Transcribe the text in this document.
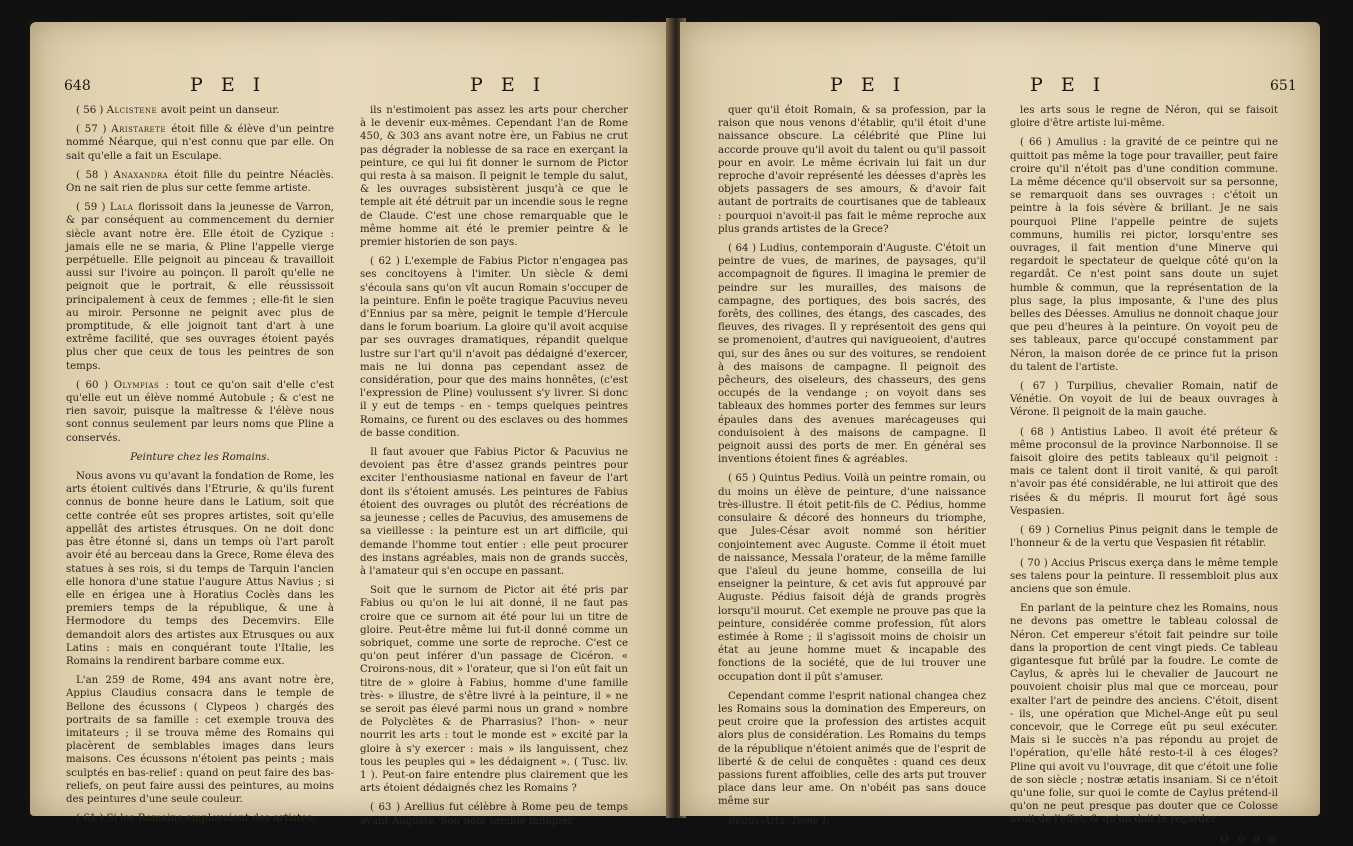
648	P E I	P E I

( 56 ) Alcistene avoit peint un danseur.

( 57 ) Aristarete étoit fille & élève d'un peintre nommé Néarque, qui n'est connu que par elle. On sait qu'elle a fait un Esculape.

( 58 ) Anaxandra étoit fille du peintre Néaclès. On ne sait rien de plus sur cette femme artiste.

( 59 ) Lala florissoit dans la jeunesse de Varron, & par conséquent au commencement du dernier siècle avant notre ère. Elle étoit de Cyzique : jamais elle ne se maria, & Pline l'appelle vierge perpétuelle. Elle peignoit au pinceau & travailloit aussi sur l'ivoire au poinçon. Il paroît qu'elle ne peignoit que le portrait, & elle réussissoit principalement à ceux de femmes ; elle-fit le sien au miroir. Personne ne peignit avec plus de promptitude, & elle joignoit tant d'art à une extrême facilité, que ses ouvrages étoient payés plus cher que ceux de tous les peintres de son temps.

( 60 ) Olympias : tout ce qu'on sait d'elle c'est qu'elle eut un élève nommé Autobule ; & c'est ne rien savoir, puisque la maîtresse & l'élève nous sont connus seulement par leurs noms que Pline a conservés.

Peinture chez les Romains.

Nous avons vu qu'avant la fondation de Rome, les arts étoient cultivés dans l'Etrurie, & qu'ils furent connus de bonne heure dans le Latium, soit que cette contrée eût ses propres artistes, soit qu'elle appellât des artistes étrusques. On ne doit donc pas être étonné si, dans un temps où l'art paroît avoir été au berceau dans la Grece, Rome éleva des statues à ses rois, si du temps de Tarquin l'ancien elle honora d'une statue l'augure Attus Navius ; si elle en érigea une à Horatius Coclès dans les premiers temps de la république, & une à Hermodore du temps des Decemvirs. Elle demandoit alors des artistes aux Etrusques ou aux Latins : mais en conquérant toute l'Italie, les Romains la rendirent barbare comme eux.

L'an 259 de Rome, 494 ans avant notre ère, Appius Claudius consacra dans le temple de Bellone des écussons ( Clypeos ) chargés des portraits de sa famille : cet exemple trouva des imitateurs ; il se trouva même des Romains qui placèrent de semblables images dans leurs maisons. Ces écussons n'étoient pas peints ; mais sculptés en bas-relief : quand on peut faire des bas-reliefs, on peut faire aussi des peintures, au moins des peintures d'une seule couleur.

( 61 ) Si les Romains employoient des artistes,

ils n'estimoient pas assez les arts pour chercher à le devenir eux-mêmes. Cependant l'an de Rome 450, & 303 ans avant notre ère, un Fabius ne crut pas dégrader la noblesse de sa race en exerçant la peinture, ce qui lui fit donner le surnom de Pictor qui resta à sa maison. Il peignit le temple du salut, & les ouvrages subsistèrent jusqu'à ce que le temple ait été détruit par un incendie sous le regne de Claude. C'est une chose remarquable que le même homme ait été le premier peintre & le premier historien de son pays.

( 62 ) L'exemple de Fabius Pictor n'engagea pas ses concitoyens à l'imiter. Un siècle & demi s'écoula sans qu'on vît aucun Romain s'occuper de la peinture. Enfin le poëte tragique Pacuvius neveu d'Ennius par sa mère, peignit le temple d'Hercule dans le forum boarium. La gloire qu'il avoit acquise par ses ouvrages dramatiques, répandit quelque lustre sur l'art qu'il n'avoit pas dédaigné d'exercer, mais ne lui donna pas cependant assez de considération, pour que des mains honnêtes, (c'est l'expression de Pline) voulussent s'y livrer. Si donc il y eut de temps - en - temps quelques peintres Romains, ce furent ou des esclaves ou des hommes de basse condition.

Il faut avouer que Fabius Pictor & Pacuvius ne devoient pas être d'assez grands peintres pour exciter l'enthousiasme national en faveur de l'art dont ils s'étoient amusés. Les peintures de Fabius étoient des ouvrages ou plutôt des récréations de sa jeunesse ; celles de Pacuvius, des amusemens de sa vieillesse : la peinture est un art difficile, qui demande l'homme tout entier : elle peut procurer des instans agréables, mais non de grands succès, à l'amateur qui s'en occupe en passant.

Soit que le surnom de Pictor ait été pris par Fabius ou qu'on le lui ait donné, il ne faut pas croire que ce surnom ait été pour lui un titre de gloire. Peut-être même lui fut-il donné comme un sobriquet, comme une sorte de reproche. C'est ce qu'on peut inférer d'un passage de Cicéron. « Croirons-nous, dit » l'orateur, que si l'on eût fait un titre de » gloire à Fabius, homme d'une famille très- » illustre, de s'être livré à la peinture, il » ne se seroit pas élevé parmi nous un grand » nombre de Polyclètes & de Pharrasius? l'hon- » neur nourrit les arts : tout le monde est » excité par la gloire à s'y exercer : mais » ils languissent, chez tous les peuples qui » les dédaignent ». ( Tusc. liv. 1 ). Peut-on faire entendre plus clairement que les arts étoient dédaignés chez les Romains ?

( 63 ) Arellius fut célèbre à Rome peu de temps avant Auguste. Son nom semble indiquer

P E I	P E I	651

quer qu'il étoit Romain, & sa profession, par la raison que nous venons d'établir, qu'il étoit d'une naissance obscure. La célébrité que Pline lui accorde prouve qu'il avoit du talent ou qu'il passoit pour en avoir. Le même écrivain lui fait un dur reproche d'avoir représenté les déesses d'après les objets passagers de ses amours, & d'avoir fait autant de portraits de courtisanes que de tableaux : pourquoi n'avoit-il pas fait le même reproche aux plus grands artistes de la Grece?

( 64 ) Ludius, contemporain d'Auguste. C'étoit un peintre de vues, de marines, de paysages, qu'il accompagnoit de figures. Il imagina le premier de peindre sur les murailles, des maisons de campagne, des portiques, des bois sacrés, des forêts, des collines, des étangs, des cascades, des fleuves, des rivages. Il y représentoit des gens qui se promenoient, d'autres qui navigueoient, d'autres qui, sur des ânes ou sur des voitures, se rendoient à des maisons de campagne. Il peignoit des pêcheurs, des oiseleurs, des chasseurs, des gens occupés de la vendange ; on voyoit dans ses tableaux des hommes porter des femmes sur leurs épaules dans des avenues marécageuses qui conduisoient à des maisons de campagne. Il peignoit aussi des ports de mer. En général ses inventions étoient fines & agréables.

( 65 ) Quintus Pedius. Voilà un peintre romain, ou du moins un élève de peinture, d'une naissance très-illustre. Il étoit petit-fils de C. Pédius, homme consulaire & décoré des honneurs du triomphe, que Jules-César avoit nommé son héritier conjointement avec Auguste. Comme il étoit muet de naissance, Messala l'orateur, de la même famille que l'aïeul du jeune homme, conseilla de lui enseigner la peinture, & cet avis fut approuvé par Auguste. Pédius faisoit déjà de grands progrès lorsqu'il mourut. Cet exemple ne prouve pas que la peinture, considérée comme profession, fût alors estimée à Rome ; il s'agissoit moins de choisir un état au jeune homme muet & incapable des fonctions de la société, que de lui trouver une occupation dont il pût s'amuser.

Cependant comme l'esprit national changea chez les Romains sous la domination des Empereurs, on peut croire que la profession des artistes acquit alors plus de considération. Les Romains du temps de la république n'étoient animés que de l'esprit de liberté & de celui de conquêtes : quand ces deux passions furent affoiblies, celle des arts put trouver place dans leur ame. On n'obéit pas sans douce même sur

Beaux-Arts. Tome I.

les arts sous le regne de Néron, qui se faisoit gloire d'être artiste lui-même.

( 66 ) Amulius : la gravité de ce peintre qui ne quittoit pas même la toge pour travailler, peut faire croire qu'il n'étoit pas d'une condition commune. La même décence qu'il observoit sur sa personne, se remarquoit dans ses ouvrages : c'étoit un peintre à la fois sévère & brillant. Je ne sais pourquoi Pline l'appelle peintre de sujets communs, humilis rei pictor, lorsqu'entre ses ouvrages, il fait mention d'une Minerve qui regardoit le spectateur de quelque côté qu'on la regardât. Ce n'est point sans doute un sujet humble & commun, que la représentation de la plus sage, la plus imposante, & l'une des plus belles des Déesses. Amulius ne donnoit chaque jour que peu d'heures à la peinture. On voyoit peu de ses tableaux, parce qu'occupé constamment par Néron, la maison dorée de ce prince fut la prison du talent de l'artiste.

( 67 ) Turpilius, chevalier Romain, natif de Vénétie. On voyoit de lui de beaux ouvrages à Vérone. Il peignoit de la main gauche.

( 68 ) Antistius Labeo. Il avoit été préteur & même proconsul de la province Narbonnoise. Il se faisoit gloire des petits tableaux qu'il peignoit : mais ce talent dont il tiroit vanité, & qui paroît n'avoir pas été considérable, ne lui attiroit que des risées & du mépris. Il mourut fort âgé sous Vespasien.

( 69 ) Cornelius Pinus peignit dans le temple de l'honneur & de la vertu que Vespasien fit rétablir.

( 70 ) Accius Priscus exerça dans le même temple ses talens pour la peinture. Il ressembloit plus aux anciens que son émule.

En parlant de la peinture chez les Romains, nous ne devons pas omettre le tableau colossal de Néron. Cet empereur s'étoit fait peindre sur toile dans la proportion de cent vingt pieds. Ce tableau gigantesque fut brûlé par la foudre. Le comte de Caylus, & après lui le chevalier de Jaucourt ne pouvoient choisir plus mal que ce morceau, pour exalter l'art de peindre des anciens. C'étoit, disent - ils, une opération que Michel-Ange eût pu seul concevoir, que le Correge eût pu seul exécuter. Mais si le succès n'a pas répondu au projet de l'opération, qu'elle hâté resto-t-il à ces éloges? Pline qui avoit vu l'ouvrage, dit que c'étoit une folie de son siècle ; nostræ ætatis insaniam. Si ce n'étoit qu'une folie, sur quoi le comte de Caylus prétend-il qu'on ne peut presque pas douter que ce Colosse avoit de l'effet, & qu'on doit le regarder

O o o o
